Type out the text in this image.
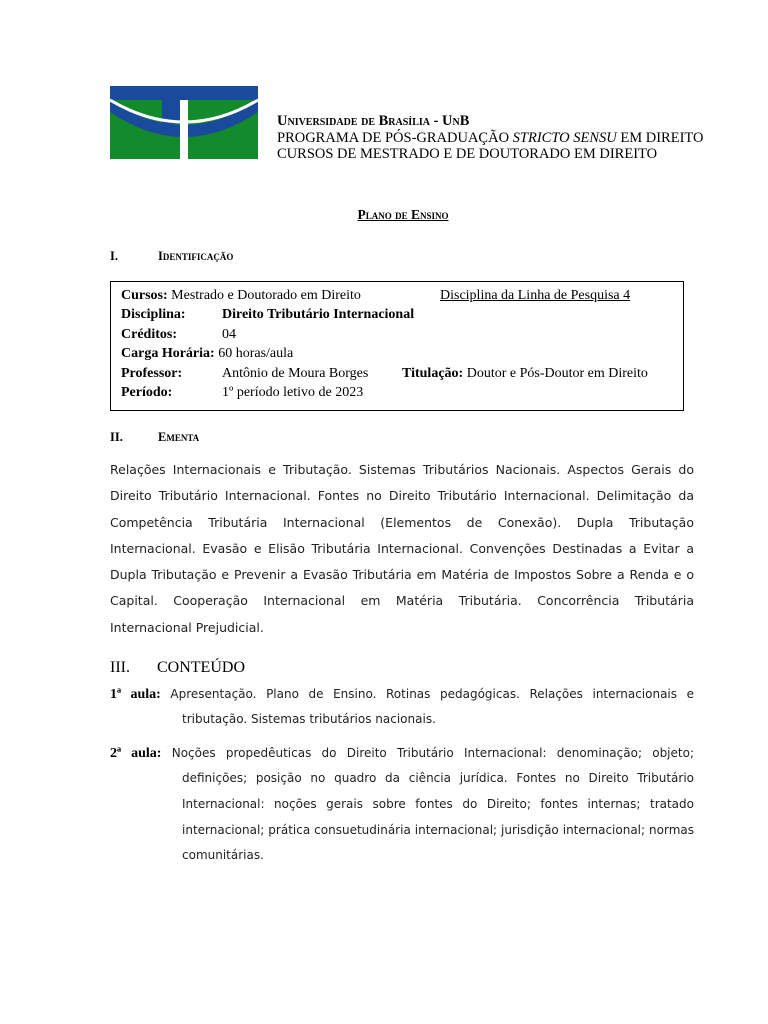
Universidade de Brasília - UnB
PROGRAMA DE PÓS-GRADUAÇÃO STRICTO SENSU EM DIREITO
CURSOS DE MESTRADO E DE DOUTORADO EM DIREITO
Plano de Ensino
I.	Identificação
Cursos: Mestrado e Doutorado em Direito	Disciplina da Linha de Pesquisa 4
Disciplina:	Direito Tributário Internacional
Créditos:	04
Carga Horária: 60 horas/aula
Professor:	Antônio de Moura Borges Titulação: Doutor e Pós-Doutor em Direito
Período:	1º período letivo de 2023
II.	Ementa
Relações Internacionais e Tributação. Sistemas Tributários Nacionais. Aspectos Gerais do Direito Tributário Internacional. Fontes no Direito Tributário Internacional. Delimitação da Competência Tributária Internacional (Elementos de Conexão). Dupla Tributação Internacional. Evasão e Elisão Tributária Internacional. Convenções Destinadas a Evitar a Dupla Tributação e Prevenir a Evasão Tributária em Matéria de Impostos Sobre a Renda e o Capital. Cooperação Internacional em Matéria Tributária. Concorrência Tributária Internacional Prejudicial.
III. CONTEÚDO
1ª aula: Apresentação. Plano de Ensino. Rotinas pedagógicas. Relações internacionais e
tributação. Sistemas tributários nacionais.
2ª aula: Noções propedêuticas do Direito Tributário Internacional: denominação; objeto;
definições; posição no quadro da ciência jurídica. Fontes no Direito Tributário Internacional: noções gerais sobre fontes do Direito; fontes internas; tratado internacional; prática consuetudinária internacional; jurisdição internacional; normas comunitárias.
